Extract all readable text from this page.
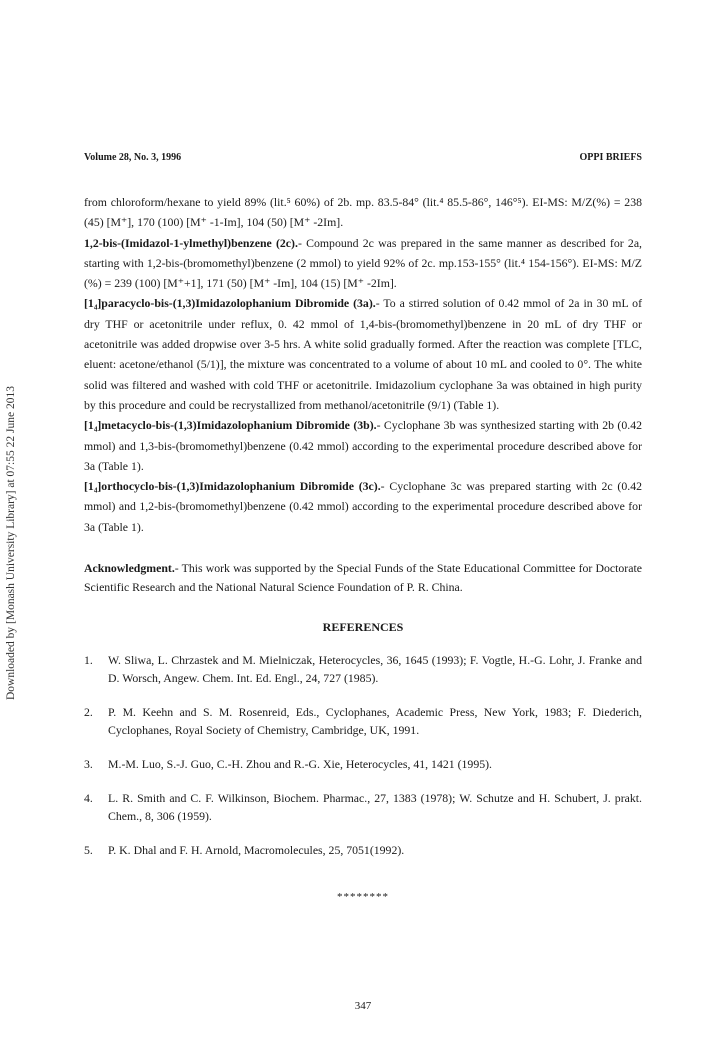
Volume 28, No. 3, 1996	OPPI BRIEFS
Downloaded by [Monash University Library] at 07:55 22 June 2013

from chloroform/hexane to yield 89% (lit.⁵ 60%) of 2b. mp. 83.5-84° (lit.⁴ 85.5-86°, 146°⁵). EI-MS: M/Z(%) = 238 (45) [M⁺], 170 (100) [M⁺ -1-Im], 104 (50) [M⁺ -2Im].

1,2-bis-(Imidazol-1-ylmethyl)benzene (2c).- Compound 2c was prepared in the same manner as described for 2a, starting with 1,2-bis-(bromomethyl)benzene (2 mmol) to yield 92% of 2c. mp.153-155° (lit.⁴ 154-156°). EI-MS: M/Z (%) = 239 (100) [M⁺+1], 171 (50) [M⁺ -Im], 104 (15) [M⁺ -2Im].

[1₄]paracyclo-bis-(1,3)Imidazolophanium Dibromide (3a).- To a stirred solution of 0.42 mmol of 2a in 30 mL of dry THF or acetonitrile under reflux, 0. 42 mmol of 1,4-bis-(bromomethyl)benzene in 20 mL of dry THF or acetonitrile was added dropwise over 3-5 hrs. A white solid gradually formed. After the reaction was complete [TLC, eluent: acetone/ethanol (5/1)], the mixture was concentrated to a volume of about 10 mL and cooled to 0°. The white solid was filtered and washed with cold THF or acetonitrile. Imidazolium cyclophane 3a was obtained in high purity by this procedure and could be recrystallized from methanol/acetonitrile (9/1) (Table 1).

[1₄]metacyclo-bis-(1,3)Imidazolophanium Dibromide (3b).- Cyclophane 3b was synthesized starting with 2b (0.42 mmol) and 1,3-bis-(bromomethyl)benzene (0.42 mmol) according to the experimental procedure described above for 3a (Table 1).

[1₄]orthocyclo-bis-(1,3)Imidazolophanium Dibromide (3c).- Cyclophane 3c was prepared starting with 2c (0.42 mmol) and 1,2-bis-(bromomethyl)benzene (0.42 mmol) according to the experimental procedure described above for 3a (Table 1).

Acknowledgment.- This work was supported by the Special Funds of the State Educational Committee for Doctorate Scientific Research and the National Natural Science Foundation of P. R. China.

REFERENCES
1. W. Sliwa, L. Chrzastek and M. Mielniczak, Heterocycles, 36, 1645 (1993); F. Vogtle, H.-G. Lohr, J. Franke and D. Worsch, Angew. Chem. Int. Ed. Engl., 24, 727 (1985).
2. P. M. Keehn and S. M. Rosenreid, Eds., Cyclophanes, Academic Press, New York, 1983; F. Diederich, Cyclophanes, Royal Society of Chemistry, Cambridge, UK, 1991.
3. M.-M. Luo, S.-J. Guo, C.-H. Zhou and R.-G. Xie, Heterocycles, 41, 1421 (1995).
4. L. R. Smith and C. F. Wilkinson, Biochem. Pharmac., 27, 1383 (1978); W. Schutze and H. Schubert, J. prakt. Chem., 8, 306 (1959).
5. P. K. Dhal and F. H. Arnold, Macromolecules, 25, 7051(1992).
********
347
